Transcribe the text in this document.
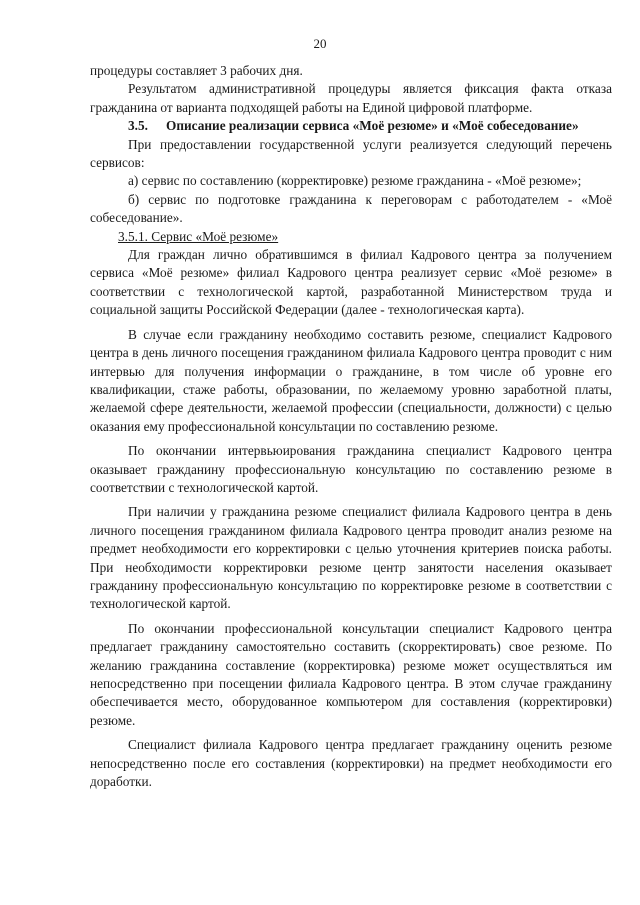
20

процедуры составляет 3 рабочих дня.

Результатом административной процедуры является фиксация факта отказа гражданина от варианта подходящей работы на Единой цифровой платформе.

3.5. Описание реализации сервиса «Моё резюме» и «Моё собеседование»

При предоставлении государственной услуги реализуется следующий перечень сервисов:

а) сервис по составлению (корректировке) резюме гражданина - «Моё резюме»;

б) сервис по подготовке гражданина к переговорам с работодателем - «Моё собеседование».

3.5.1. Сервис «Моё резюме»

Для граждан лично обратившимся в филиал Кадрового центра за получением сервиса «Моё резюме» филиал Кадрового центра реализует сервис «Моё резюме» в соответствии с технологической картой, разработанной Министерством труда и социальной защиты Российской Федерации (далее - технологическая карта).

В случае если гражданину необходимо составить резюме, специалист Кадрового центра в день личного посещения гражданином филиала Кадрового центра проводит с ним интервью для получения информации о гражданине, в том числе об уровне его квалификации, стаже работы, образовании, по желаемому уровню заработной платы, желаемой сфере деятельности, желаемой профессии (специальности, должности) с целью оказания ему профессиональной консультации по составлению резюме.

По окончании интервьюирования гражданина специалист Кадрового центра оказывает гражданину профессиональную консультацию по составлению резюме в соответствии с технологической картой.

При наличии у гражданина резюме специалист филиала Кадрового центра в день личного посещения гражданином филиала Кадрового центра проводит анализ резюме на предмет необходимости его корректировки с целью уточнения критериев поиска работы. При необходимости корректировки резюме центр занятости населения оказывает гражданину профессиональную консультацию по корректировке резюме в соответствии с технологической картой.

По окончании профессиональной консультации специалист Кадрового центра предлагает гражданину самостоятельно составить (скорректировать) свое резюме. По желанию гражданина составление (корректировка) резюме может осуществляться им непосредственно при посещении филиала Кадрового центра. В этом случае гражданину обеспечивается место, оборудованное компьютером для составления (корректировки) резюме.

Специалист филиала Кадрового центра предлагает гражданину оценить резюме непосредственно после его составления (корректировки) на предмет необходимости его доработки.
